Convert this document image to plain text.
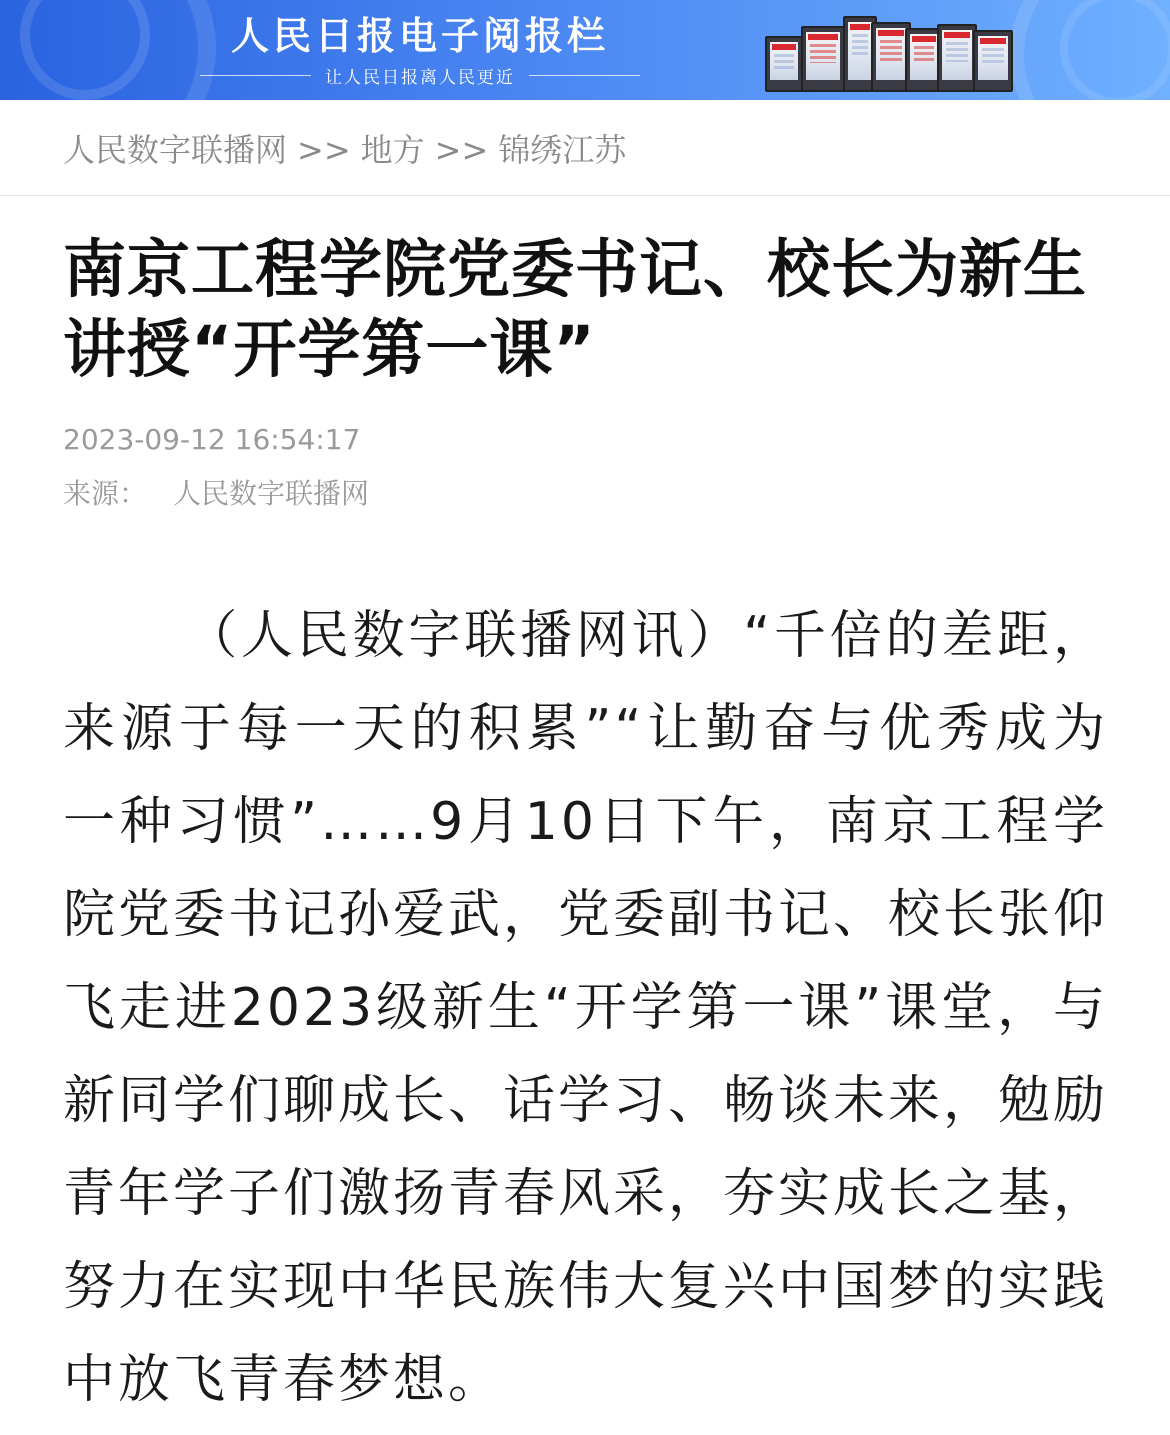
人民日报电子阅报栏
让人民日报离人民更近
人民数字联播网 >> 地方 >> 锦绣江苏
南京工程学院党委书记、校长为新生讲授“开学第一课”
2023-09-12 16:54:17
来源： 人民数字联播网

（人民数字联播网讯）“千倍的差距，来源于每一天的积累”“让勤奋与优秀成为一种习惯”……9月10日下午，南京工程学院党委书记孙爱武，党委副书记、校长张仰飞走进2023级新生“开学第一课”课堂，与新同学们聊成长、话学习、畅谈未来，勉励青年学子们激扬青春风采，夯实成长之基，努力在实现中华民族伟大复兴中国梦的实践中放飞青春梦想。
